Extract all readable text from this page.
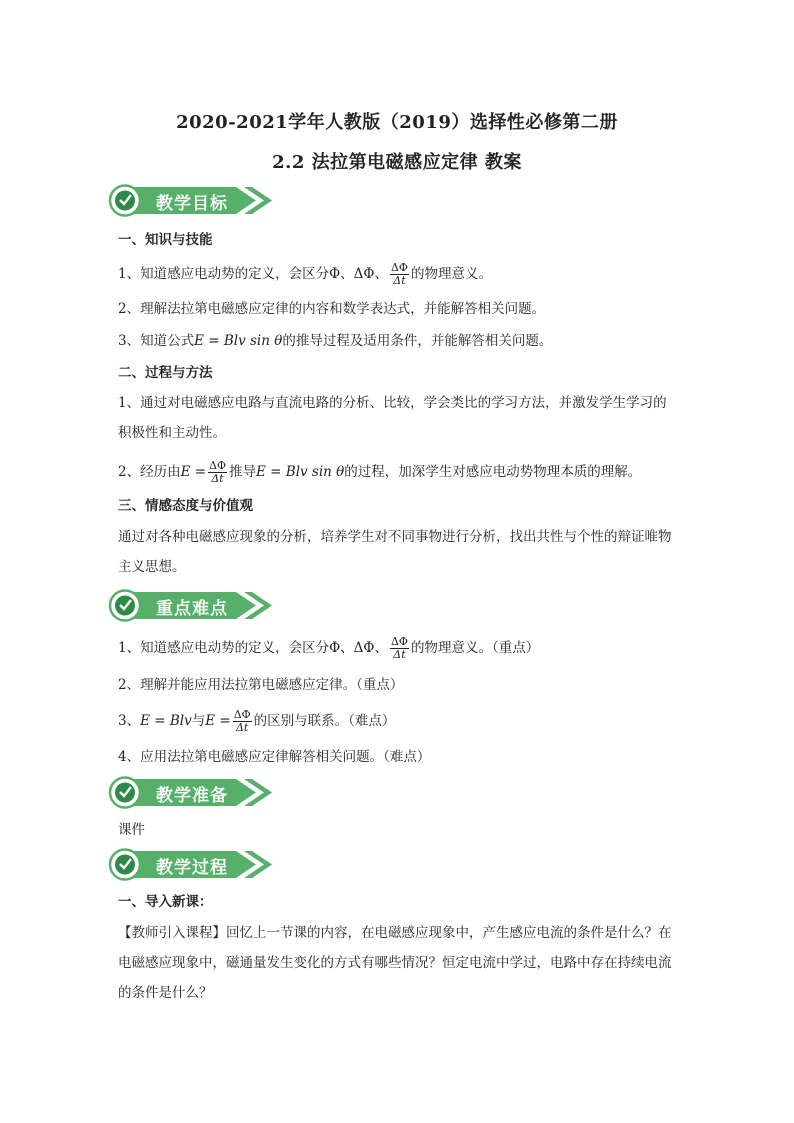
2020-2021学年人教版（2019）选择性必修第二册
2.2 法拉第电磁感应定律 教案
教学目标
一、知识与技能
1、知道感应电动势的定义，会区分Φ、ΔΦ、 $\frac{\Delta\Phi}{\Delta t}$ 的物理意义。
2、理解法拉第电磁感应定律的内容和数学表达式，并能解答相关问题。
3、知道公式E = Blv sin θ的推导过程及适用条件，并能解答相关问题。
二、过程与方法
1、通过对电磁感应电路与直流电路的分析、比较，学会类比的学习方法，并激发学生学习的积极性和主动性。
2、经历由$E = \frac{\Delta\Phi}{\Delta t}$ 推导E = Blv sin θ的过程，加深学生对感应电动势物理本质的理解。
三、情感态度与价值观
通过对各种电磁感应现象的分析，培养学生对不同事物进行分析，找出共性与个性的辩证唯物主义思想。
重点难点
1、知道感应电动势的定义，会区分Φ、ΔΦ、 $\frac{\Delta\Phi}{\Delta t}$ 的物理意义。（重点）
2、理解并能应用法拉第电磁感应定律。（重点）
3、E = Blv与$E = \frac{\Delta\Phi}{\Delta t}$ 的区别与联系。（难点）
4、应用法拉第电磁感应定律解答相关问题。（难点）
教学准备
课件
教学过程
一、导入新课：
【教师引入课程】回忆上一节课的内容，在电磁感应现象中，产生感应电流的条件是什么？在电磁感应现象中，磁通量发生变化的方式有哪些情况？恒定电流中学过，电路中存在持续电流的条件是什么？
